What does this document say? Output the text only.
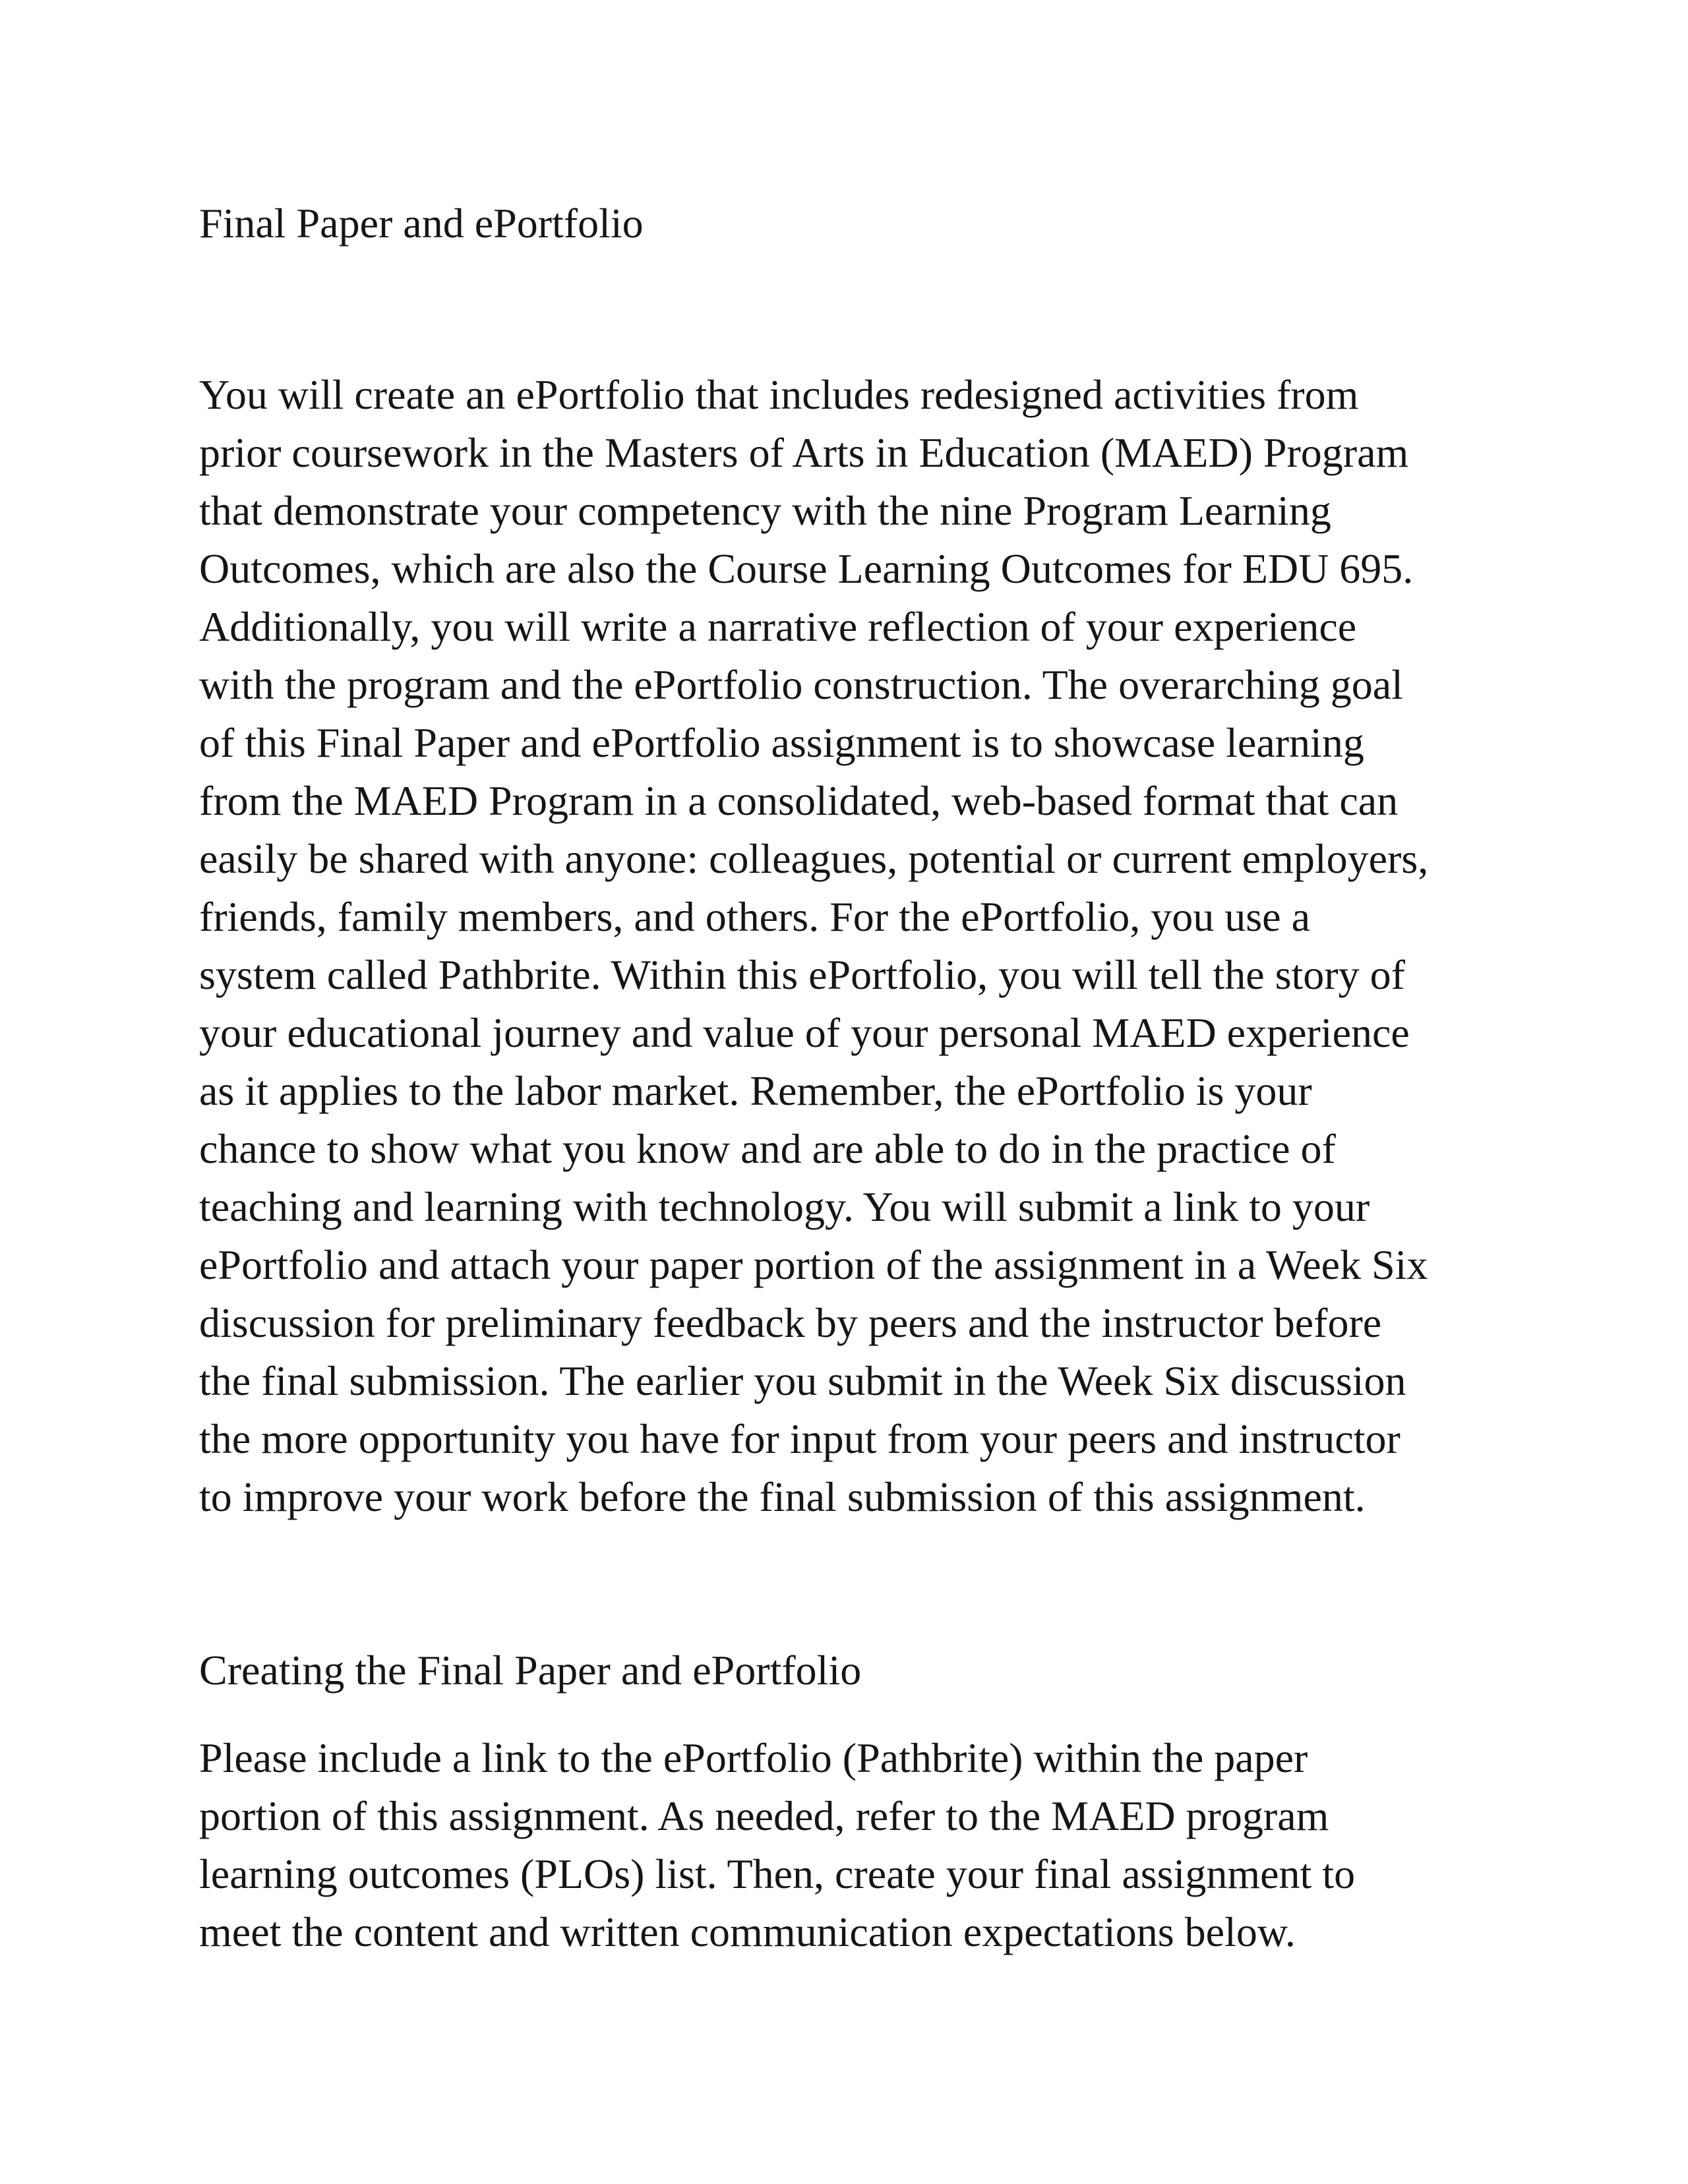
Final Paper and ePortfolio

You will create an ePortfolio that includes redesigned activities from

prior coursework in the Masters of Arts in Education (MAED) Program

that demonstrate your competency with the nine Program Learning

Outcomes, which are also the Course Learning Outcomes for EDU 695.

Additionally, you will write a narrative reflection of your experience

with the program and the ePortfolio construction. The overarching goal

of this Final Paper and ePortfolio assignment is to showcase learning

from the MAED Program in a consolidated, web-based format that can

easily be shared with anyone: colleagues, potential or current employers,

friends, family members, and others. For the ePortfolio, you use a

system called Pathbrite. Within this ePortfolio, you will tell the story of

your educational journey and value of your personal MAED experience

as it applies to the labor market. Remember, the ePortfolio is your

chance to show what you know and are able to do in the practice of

teaching and learning with technology. You will submit a link to your

ePortfolio and attach your paper portion of the assignment in a Week Six

discussion for preliminary feedback by peers and the instructor before

the final submission. The earlier you submit in the Week Six discussion

the more opportunity you have for input from your peers and instructor

to improve your work before the final submission of this assignment.

Creating the Final Paper and ePortfolio

Please include a link to the ePortfolio (Pathbrite) within the paper

portion of this assignment. As needed, refer to the MAED program

learning outcomes (PLOs) list. Then, create your final assignment to

meet the content and written communication expectations below.
